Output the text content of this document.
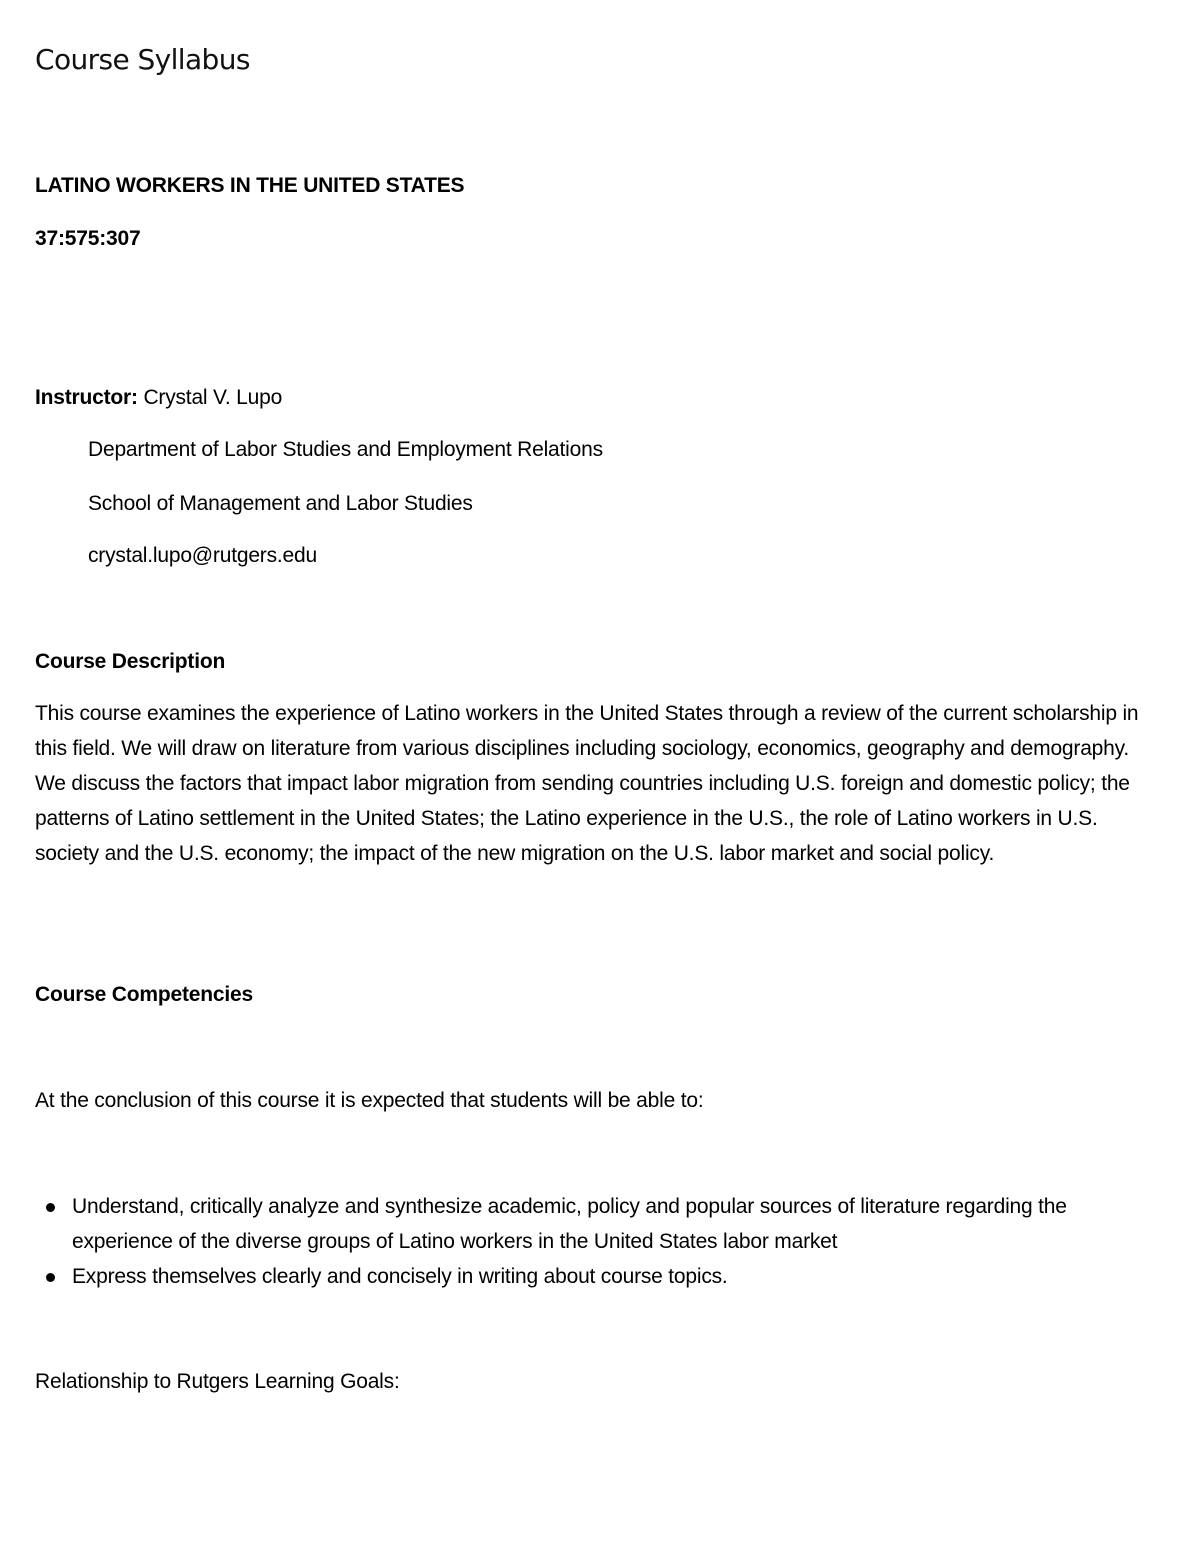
Course Syllabus
LATINO WORKERS IN THE UNITED STATES
37:575:307
Instructor: Crystal V. Lupo
Department of Labor Studies and Employment Relations
School of Management and Labor Studies
crystal.lupo@rutgers.edu
Course Description

This course examines the experience of Latino workers in the United States through a review of the current scholarship in this field. We will draw on literature from various disciplines including sociology, economics, geography and demography. We discuss the factors that impact labor migration from sending countries including U.S. foreign and domestic policy; the patterns of Latino settlement in the United States; the Latino experience in the U.S., the role of Latino workers in U.S. society and the U.S. economy; the impact of the new migration on the U.S. labor market and social policy.

Course Competencies
At the conclusion of this course it is expected that students will be able to:
Understand, critically analyze and synthesize academic, policy and popular sources of literature regarding the experience of the diverse groups of Latino workers in the United States labor market
Express themselves clearly and concisely in writing about course topics.
Relationship to Rutgers Learning Goals:
